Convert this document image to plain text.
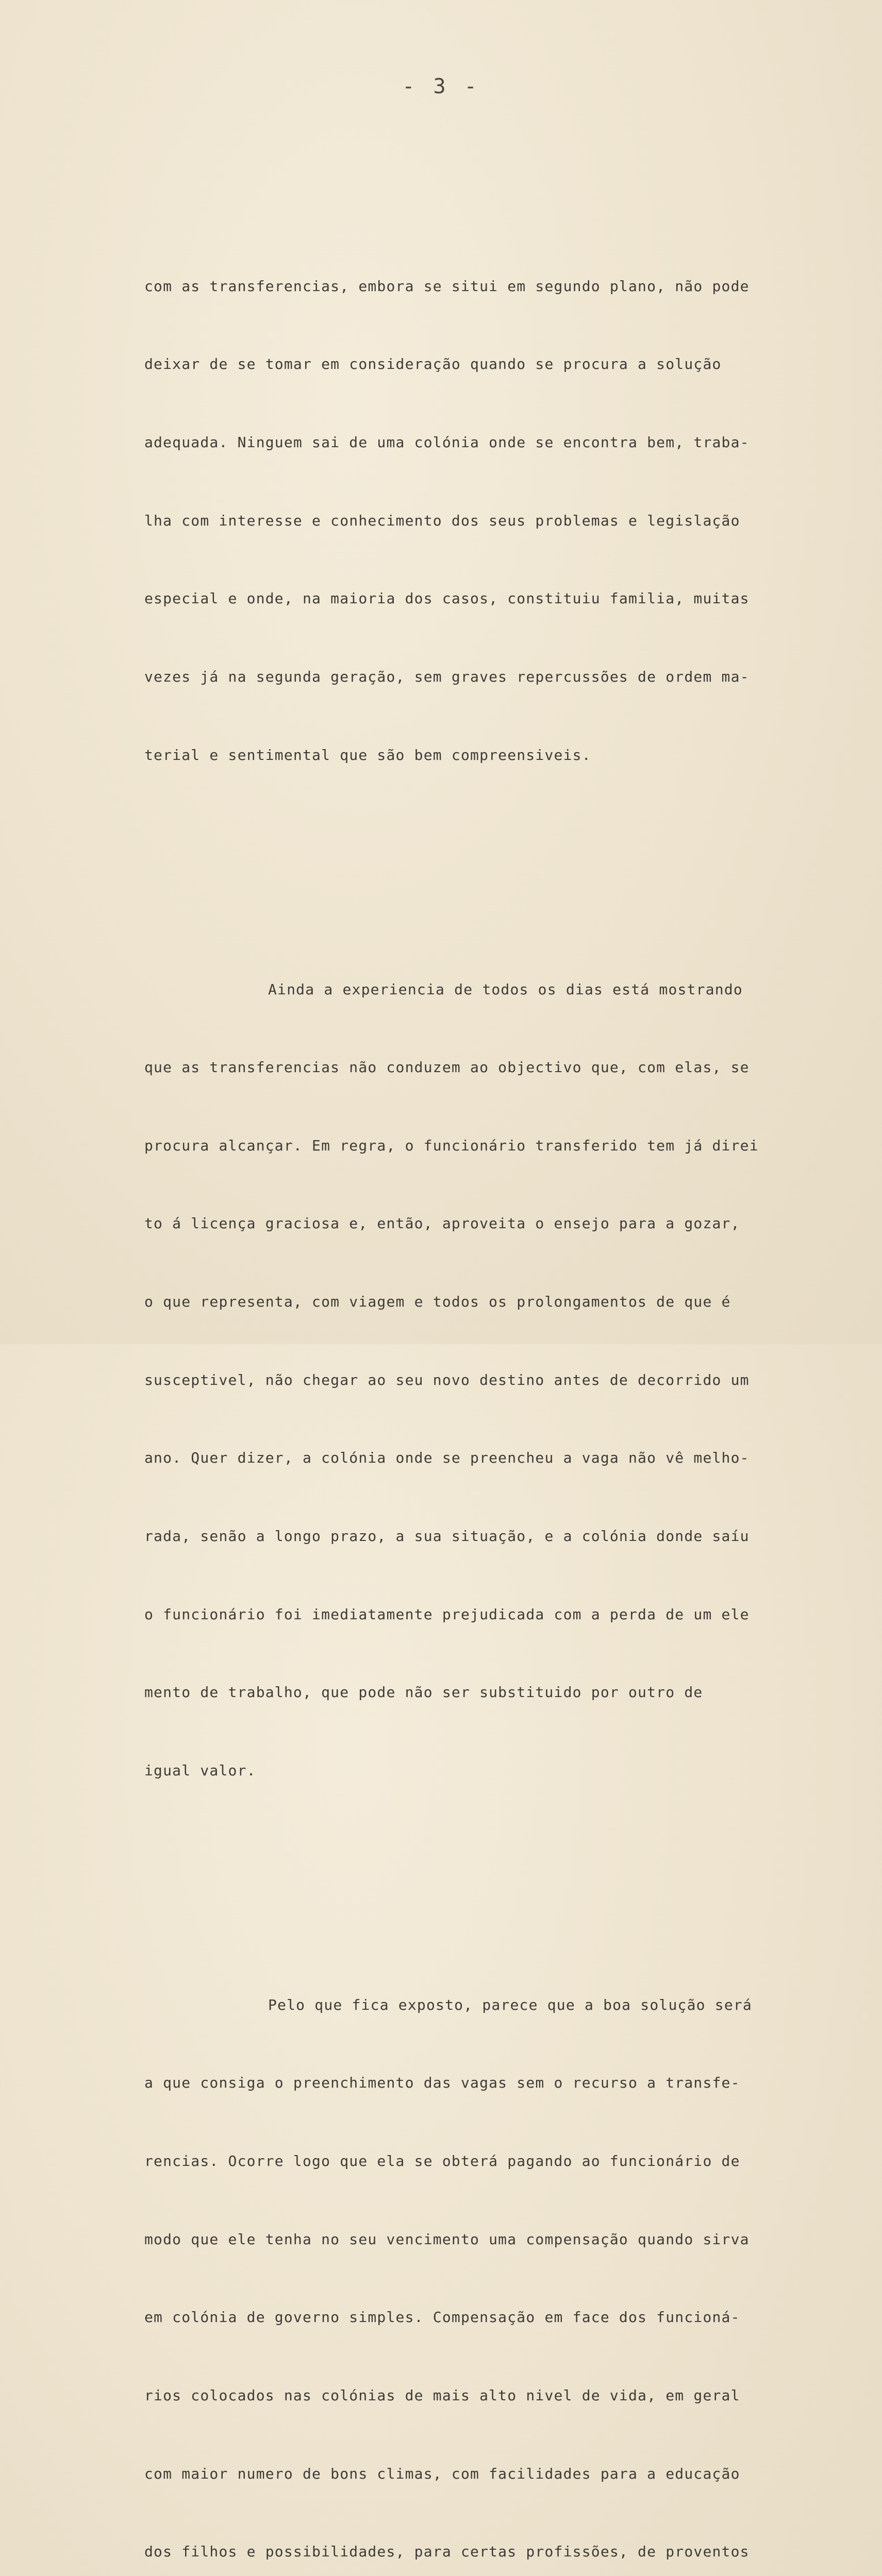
- 3 -

com as transferencias, embora se situi em segundo plano, não pode

deixar de se tomar em consideração quando se procura a solução

adequada. Ninguem sai de uma colónia onde se encontra bem, traba-

lha com interesse e conhecimento dos seus problemas e legislação

especial e onde, na maioria dos casos, constituiu familia, muitas

vezes já na segunda geração, sem graves repercussões de ordem ma-

terial e sentimental que são bem compreensiveis.

Ainda a experiencia de todos os dias está mostrando

que as transferencias não conduzem ao objectivo que, com elas, se

procura alcançar. Em regra, o funcionário transferido tem já direi

to á licença graciosa e, então, aproveita o ensejo para a gozar,

o que representa, com viagem e todos os prolongamentos de que é

susceptivel, não chegar ao seu novo destino antes de decorrido um

ano. Quer dizer, a colónia onde se preencheu a vaga não vê melho-

rada, senão a longo prazo, a sua situação, e a colónia donde saíu

o funcionário foi imediatamente prejudicada com a perda de um ele

mento de trabalho, que pode não ser substituido por outro de

igual valor.

Pelo que fica exposto, parece que a boa solução será

a que consiga o preenchimento das vagas sem o recurso a transfe-

rencias. Ocorre logo que ela se obterá pagando ao funcionário de

modo que ele tenha no seu vencimento uma compensação quando sirva

em colónia de governo simples. Compensação em face dos funcioná-

rios colocados nas colónias de mais alto nivel de vida, em geral

com maior numero de bons climas, com facilidades para a educação

dos filhos e possibilidades, para certas profissões, de proventos
